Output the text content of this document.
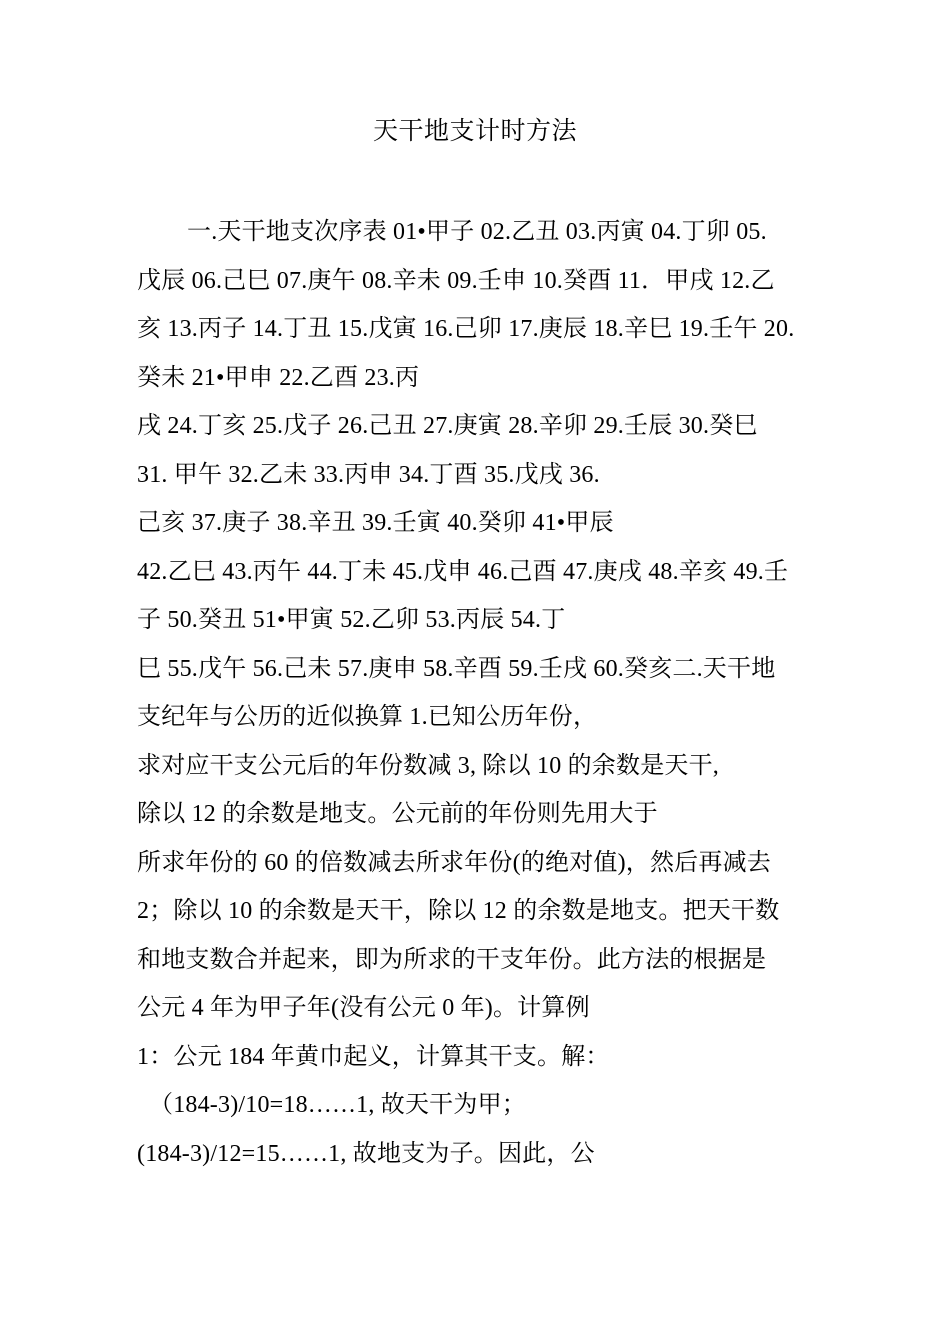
天干地支计时方法
一.天干地支次序表 01•甲子 02.乙丑 03.丙寅 04.丁卯 05.
戊辰 06.己巳 07.庚午 08.辛未 09.壬申 10.癸酉 11．甲戌 12.乙
亥 13.丙子 14.丁丑 15.戊寅 16.己卯 17.庚辰 18.辛巳 19.壬午 20.
癸未 21•甲申 22.乙酉 23.丙
戌 24.丁亥 25.戊子 26.己丑 27.庚寅 28.辛卯 29.壬辰 30.癸巳
31. 甲午 32.乙未 33.丙申 34.丁酉 35.戊戌 36.
己亥 37.庚子 38.辛丑 39.壬寅 40.癸卯 41•甲辰
42.乙巳 43.丙午 44.丁未 45.戊申 46.己酉 47.庚戌 48.辛亥 49.壬
子 50.癸丑 51•甲寅 52.乙卯 53.丙辰 54.丁
巳 55.戊午 56.己未 57.庚申 58.辛酉 59.壬戌 60.癸亥二.天干地
支纪年与公历的近似换算 1.已知公历年份，
求对应干支公元后的年份数减 3, 除以 10 的余数是天干,
除以 12 的余数是地支。公元前的年份则先用大于
所求年份的 60 的倍数减去所求年份(的绝对值)，然后再减去
2；除以 10 的余数是天干，除以 12 的余数是地支。把天干数
和地支数合并起来，即为所求的干支年份。此方法的根据是
公元 4 年为甲子年(没有公元 0 年)。计算例
1：公元 184 年黄巾起义，计算其干支。解：
（184-3)/10=18……1, 故天干为甲；
(184-3)/12=15……1, 故地支为子。因此，公
